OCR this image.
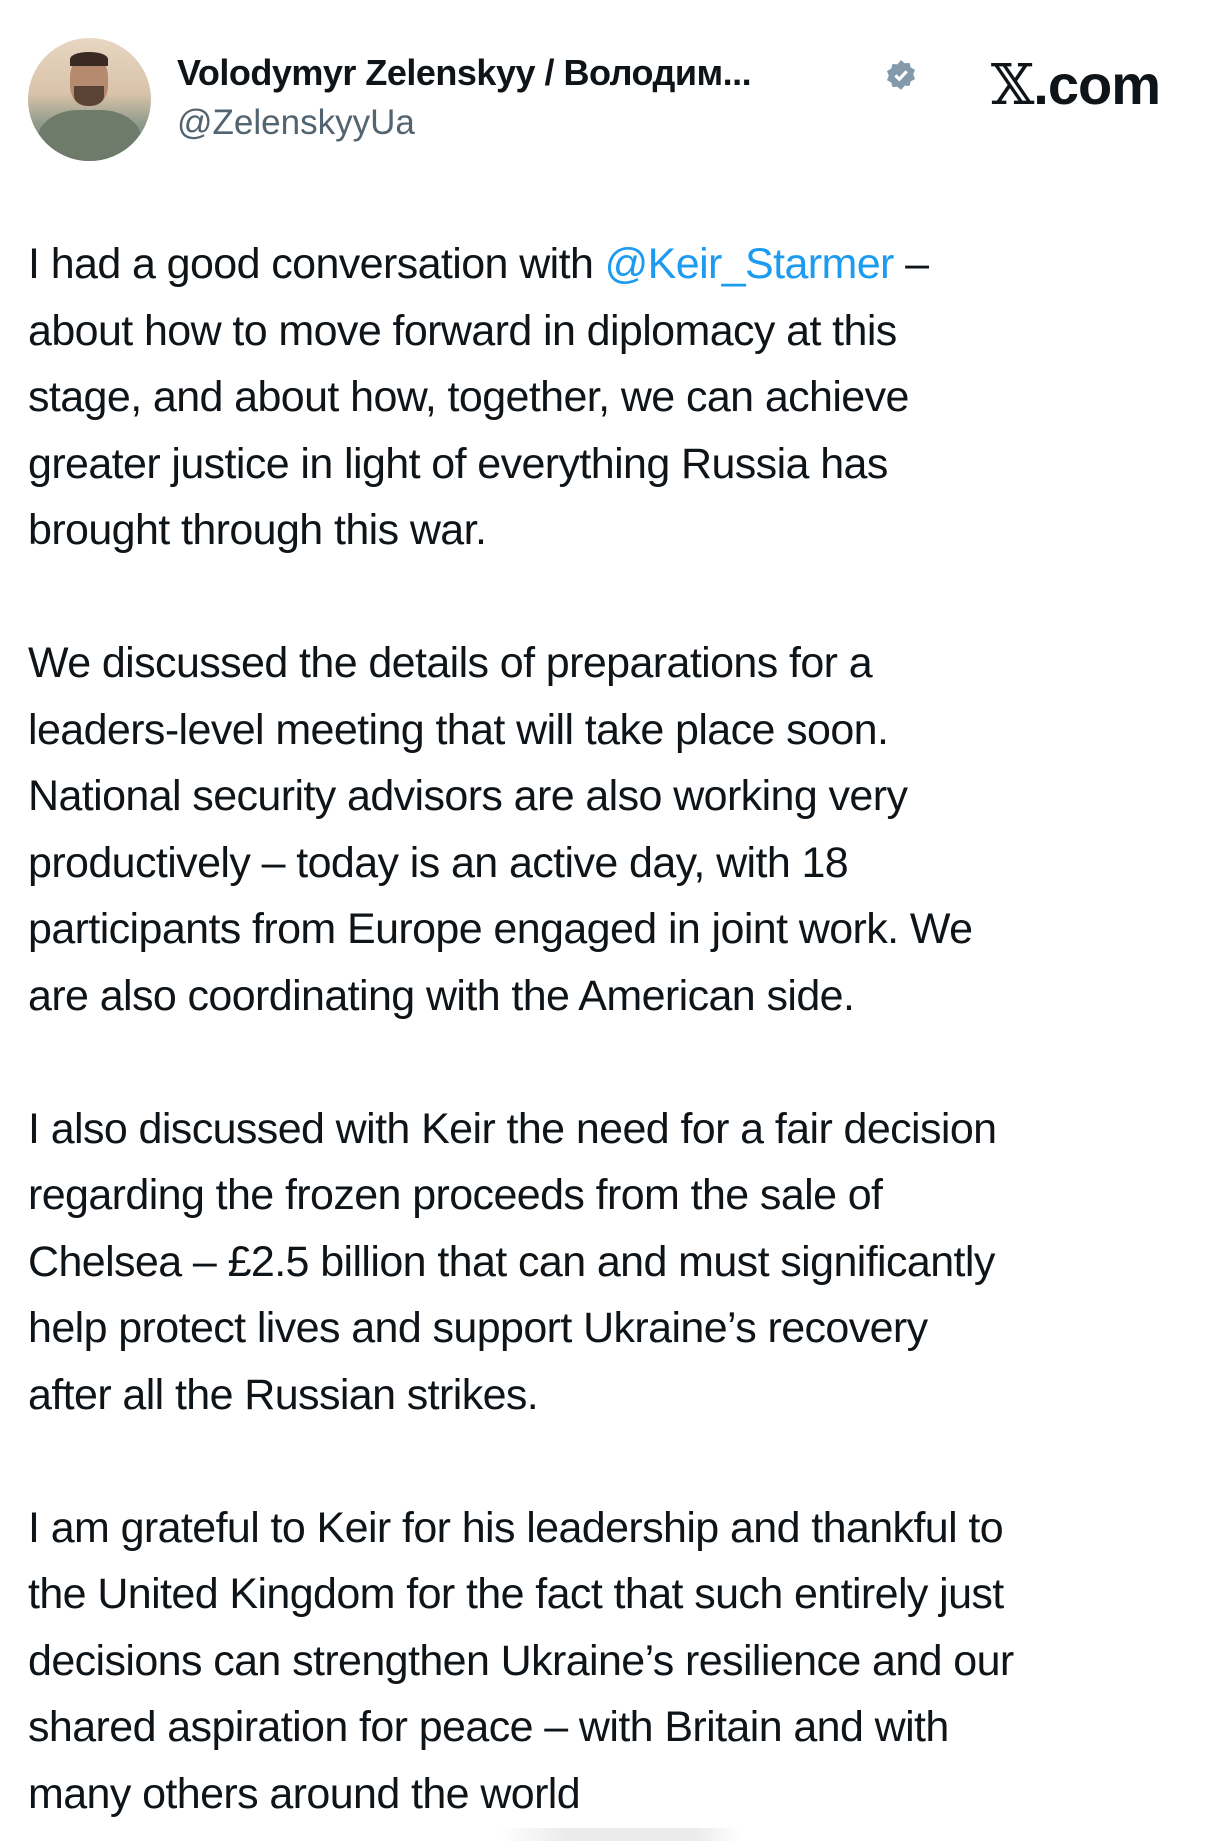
Volodymyr Zelenskyy / Володим...
@ZelenskyyUa
𝕏.com
I had a good conversation with @Keir_Starmer –
about how to move forward in diplomacy at this
stage, and about how, together, we can achieve
greater justice in light of everything Russia has
brought through this war.
We discussed the details of preparations for a
leaders-level meeting that will take place soon.
National security advisors are also working very
productively – today is an active day, with 18
participants from Europe engaged in joint work. We
are also coordinating with the American side.
I also discussed with Keir the need for a fair decision
regarding the frozen proceeds from the sale of
Chelsea – £2.5 billion that can and must significantly
help protect lives and support Ukraine’s recovery
after all the Russian strikes.
I am grateful to Keir for his leadership and thankful to
the United Kingdom for the fact that such entirely just
decisions can strengthen Ukraine’s resilience and our
shared aspiration for peace – with Britain and with
many others around the world
